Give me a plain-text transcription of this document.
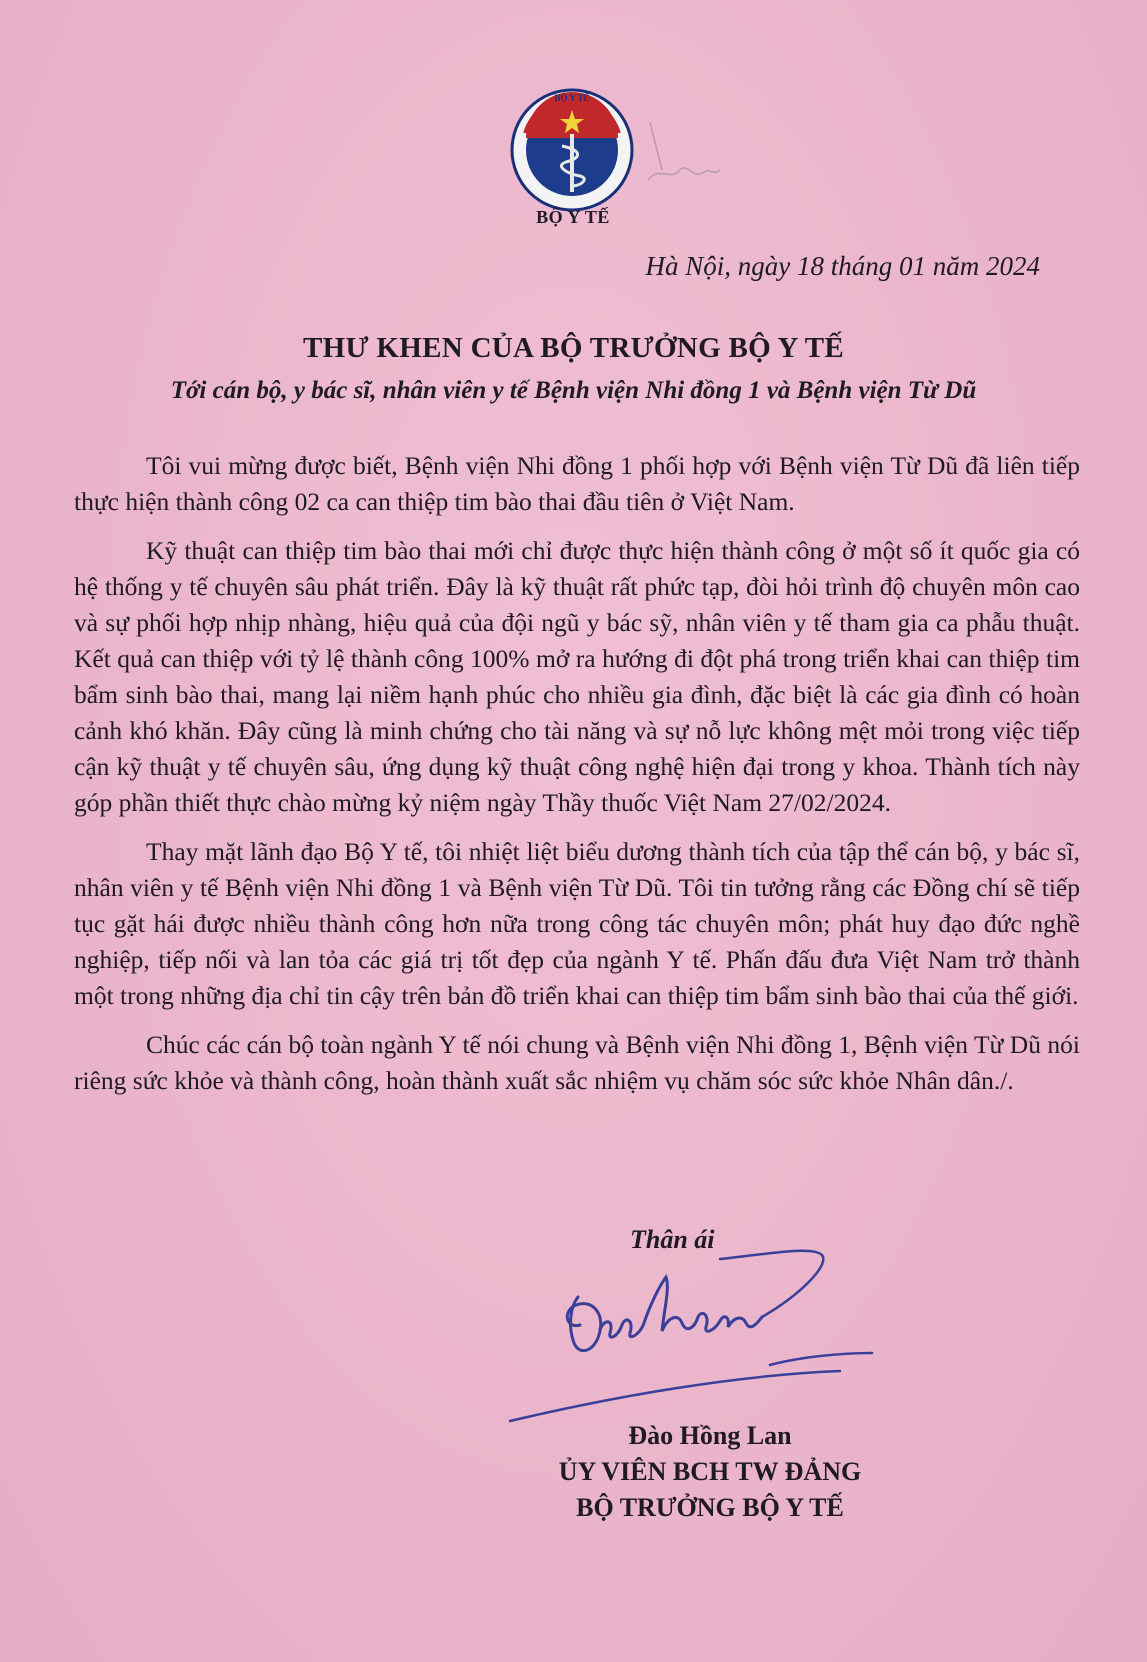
BỘ Y TẾ
BỘ Y TẾ
Hà Nội, ngày 18 tháng 01 năm 2024
THƯ KHEN CỦA BỘ TRƯỞNG BỘ Y TẾ
Tới cán bộ, y bác sĩ, nhân viên y tế Bệnh viện Nhi đồng 1 và Bệnh viện Từ Dũ

Tôi vui mừng được biết, Bệnh viện Nhi đồng 1 phối hợp với Bệnh viện Từ Dũ đã liên tiếp thực hiện thành công 02 ca can thiệp tim bào thai đầu tiên ở Việt Nam.

Kỹ thuật can thiệp tim bào thai mới chỉ được thực hiện thành công ở một số ít quốc gia có hệ thống y tế chuyên sâu phát triển. Đây là kỹ thuật rất phức tạp, đòi hỏi trình độ chuyên môn cao và sự phối hợp nhịp nhàng, hiệu quả của đội ngũ y bác sỹ, nhân viên y tế tham gia ca phẫu thuật. Kết quả can thiệp với tỷ lệ thành công 100% mở ra hướng đi đột phá trong triển khai can thiệp tim bẩm sinh bào thai, mang lại niềm hạnh phúc cho nhiều gia đình, đặc biệt là các gia đình có hoàn cảnh khó khăn. Đây cũng là minh chứng cho tài năng và sự nỗ lực không mệt mỏi trong việc tiếp cận kỹ thuật y tế chuyên sâu, ứng dụng kỹ thuật công nghệ hiện đại trong y khoa. Thành tích này góp phần thiết thực chào mừng kỷ niệm ngày Thầy thuốc Việt Nam 27/02/2024.

Thay mặt lãnh đạo Bộ Y tế, tôi nhiệt liệt biểu dương thành tích của tập thể cán bộ, y bác sĩ, nhân viên y tế Bệnh viện Nhi đồng 1 và Bệnh viện Từ Dũ. Tôi tin tưởng rằng các Đồng chí sẽ tiếp tục gặt hái được nhiều thành công hơn nữa trong công tác chuyên môn; phát huy đạo đức nghề nghiệp, tiếp nối và lan tỏa các giá trị tốt đẹp của ngành Y tế. Phấn đấu đưa Việt Nam trở thành một trong những địa chỉ tin cậy trên bản đồ triển khai can thiệp tim bẩm sinh bào thai của thế giới.

Chúc các cán bộ toàn ngành Y tế nói chung và Bệnh viện Nhi đồng 1, Bệnh viện Từ Dũ nói riêng sức khỏe và thành công, hoàn thành xuất sắc nhiệm vụ chăm sóc sức khỏe Nhân dân./.

Thân ái
Đào Hồng Lan
ỦY VIÊN BCH TW ĐẢNG
BỘ TRƯỞNG BỘ Y TẾ
